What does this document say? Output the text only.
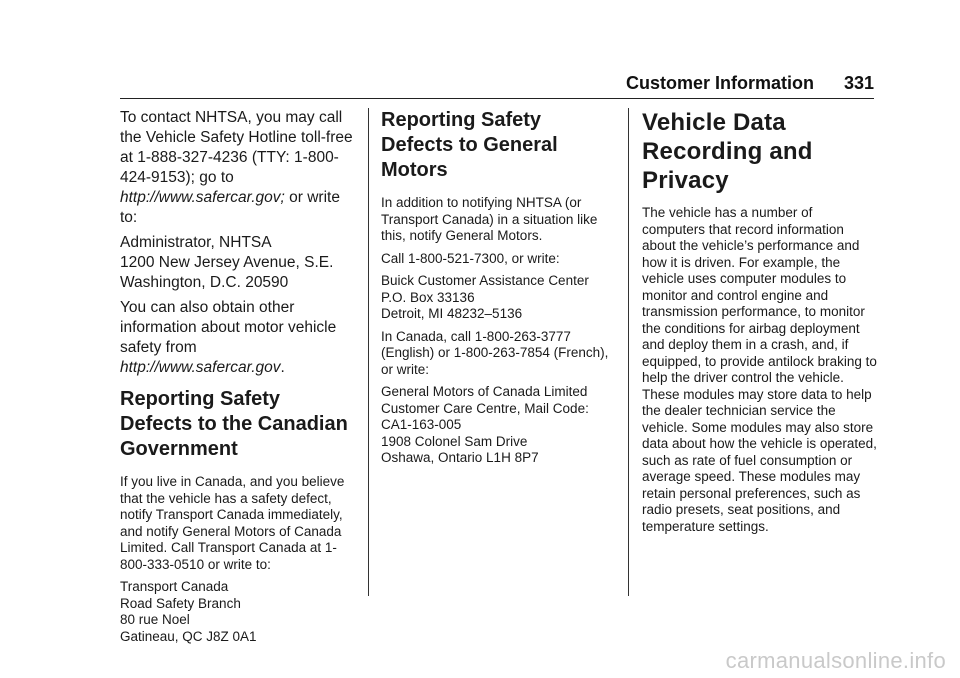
Customer Information 331

To contact NHTSA, you may call the Vehicle Safety Hotline toll-free at 1-888-327-4236 (TTY: 1-800-424-9153); go to http://www.safercar.gov; or write to:

Administrator, NHTSA
1200 New Jersey Avenue, S.E.
Washington, D.C. 20590

You can also obtain other information about motor vehicle safety from http://www.safercar.gov.

Reporting Safety Defects to the Canadian Government

If you live in Canada, and you believe that the vehicle has a safety defect, notify Transport Canada immediately, and notify General Motors of Canada Limited. Call Transport Canada at 1-800-333-0510 or write to:

Transport Canada
Road Safety Branch
80 rue Noel
Gatineau, QC J8Z 0A1

Reporting Safety Defects to General Motors

In addition to notifying NHTSA (or Transport Canada) in a situation like this, notify General Motors.

Call 1-800-521-7300, or write:

Buick Customer Assistance Center
P.O. Box 33136
Detroit, MI 48232–5136

In Canada, call 1-800-263-3777 (English) or 1-800-263-7854 (French), or write:

General Motors of Canada Limited
Customer Care Centre, Mail Code: CA1-163-005
1908 Colonel Sam Drive
Oshawa, Ontario L1H 8P7

Vehicle Data Recording and Privacy

The vehicle has a number of computers that record information about the vehicle’s performance and how it is driven. For example, the vehicle uses computer modules to monitor and control engine and transmission performance, to monitor the conditions for airbag deployment and deploy them in a crash, and, if equipped, to provide antilock braking to help the driver control the vehicle. These modules may store data to help the dealer technician service the vehicle. Some modules may also store data about how the vehicle is operated, such as rate of fuel consumption or average speed. These modules may retain personal preferences, such as radio presets, seat positions, and temperature settings.

carmanualsonline.info
